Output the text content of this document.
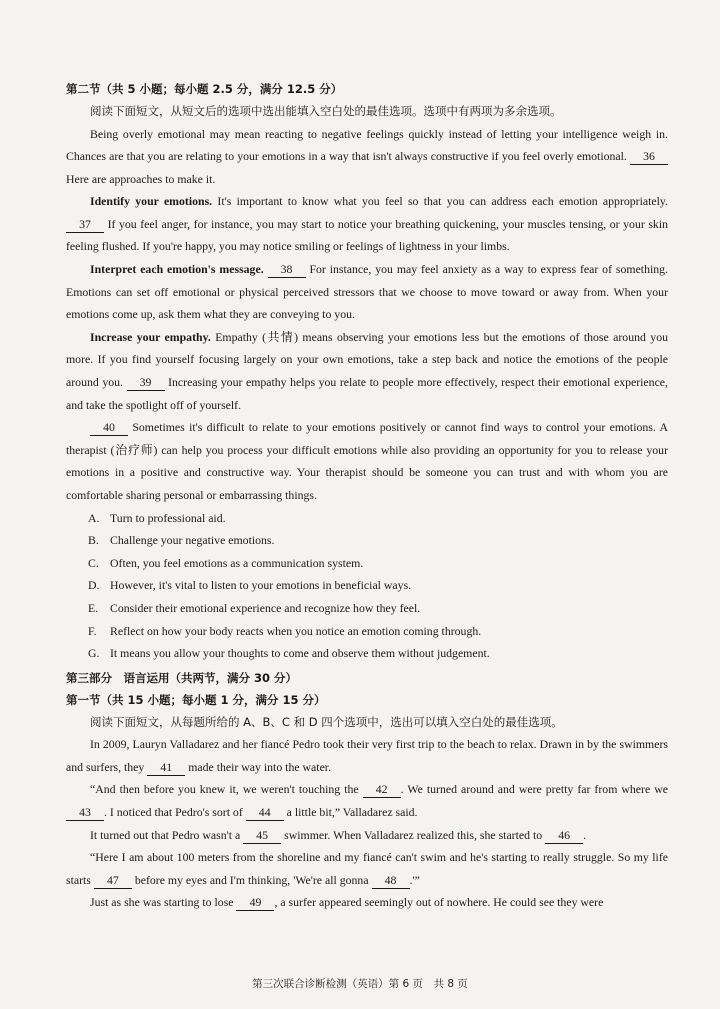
第二节（共 5 小题；每小题 2.5 分，满分 12.5 分）
阅读下面短文，从短文后的选项中选出能填入空白处的最佳选项。选项中有两项为多余选项。

Being overly emotional may mean reacting to negative feelings quickly instead of letting your intelligence weigh in. Chances are that you are relating to your emotions in a way that isn't always constructive if you feel overly emotional. 36 Here are approaches to make it.

Identify your emotions. It's important to know what you feel so that you can address each emotion appropriately. 37 If you feel anger, for instance, you may start to notice your breathing quickening, your muscles tensing, or your skin feeling flushed. If you're happy, you may notice smiling or feelings of lightness in your limbs.

Interpret each emotion's message. 38 For instance, you may feel anxiety as a way to express fear of something. Emotions can set off emotional or physical perceived stressors that we choose to move toward or away from. When your emotions come up, ask them what they are conveying to you.

Increase your empathy. Empathy (共情) means observing your emotions less but the emotions of those around you more. If you find yourself focusing largely on your own emotions, take a step back and notice the emotions of the people around you. 39 Increasing your empathy helps you relate to people more effectively, respect their emotional experience, and take the spotlight off of yourself.

40 Sometimes it's difficult to relate to your emotions positively or cannot find ways to control your emotions. A therapist (治疗师) can help you process your difficult emotions while also providing an opportunity for you to release your emotions in a positive and constructive way. Your therapist should be someone you can trust and with whom you are comfortable sharing personal or embarrassing things.

A. Turn to professional aid.
B. Challenge your negative emotions.
C. Often, you feel emotions as a communication system.
D. However, it's vital to listen to your emotions in beneficial ways.
E. Consider their emotional experience and recognize how they feel.
F. Reflect on how your body reacts when you notice an emotion coming through.
G. It means you allow your thoughts to come and observe them without judgement.
第三部分　语言运用（共两节，满分 30 分）
第一节（共 15 小题；每小题 1 分，满分 15 分）
阅读下面短文，从每题所给的 A、B、C 和 D 四个选项中，选出可以填入空白处的最佳选项。

In 2009, Lauryn Valladarez and her fiancé Pedro took their very first trip to the beach to relax. Drawn in by the swimmers and surfers, they 41 made their way into the water.

“And then before you knew it, we weren't touching the 42 . We turned around and were pretty far from where we 43 . I noticed that Pedro's sort of 44 a little bit,” Valladarez said.

It turned out that Pedro wasn't a 45 swimmer. When Valladarez realized this, she started to 46 .

“Here I am about 100 meters from the shoreline and my fiancé can't swim and he's starting to really struggle. So my life starts 47 before my eyes and I'm thinking, 'We're all gonna 48 .'”

Just as she was starting to lose 49 , a surfer appeared seemingly out of nowhere. He could see they were

第三次联合诊断检测（英语）第 6 页　共 8 页
